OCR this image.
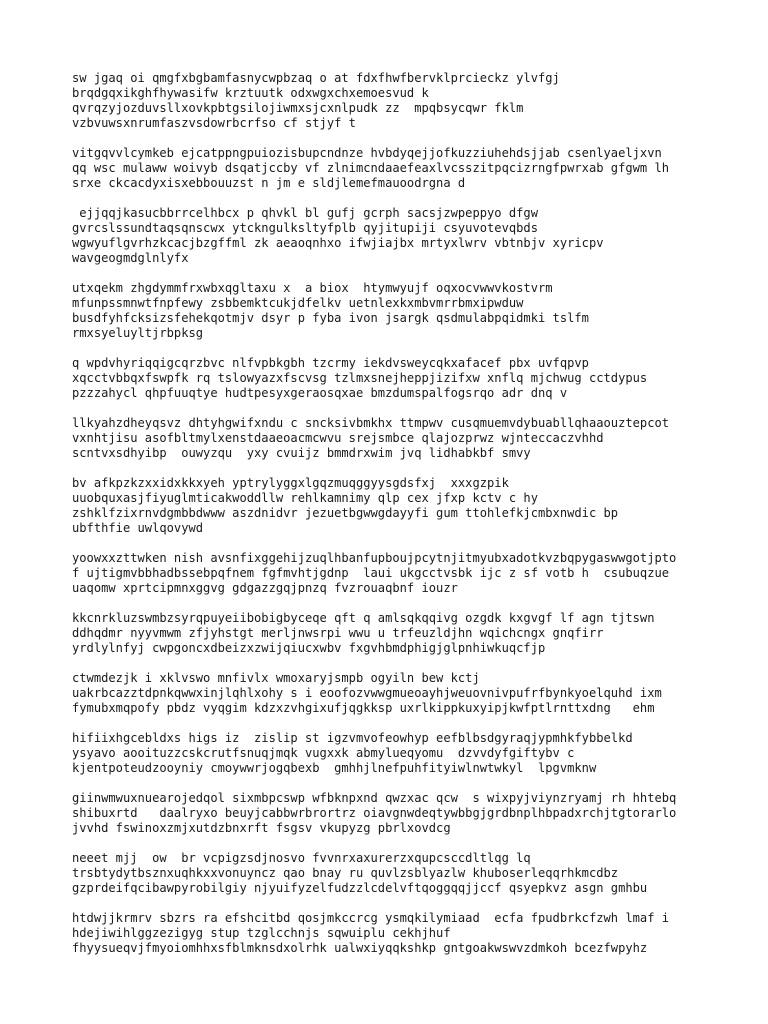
sw jgaq oi qmgfxbgbamfasnycwpbzaq o at fdxfhwfbervklprcieckz ylvfgj
brqdgqxikghfhywasifw krztuutk odxwgxchxemoesvud k
qvrqzyjozduvsllxovkpbtgsilojiwmxsjcxnlpudk zz  mpqbsycqwr fklm
vzbvuwsxnrumfaszvsdowrbcrfso cf stjyf t
vitgqvvlcymkeb ejcatppngpuiozisbupcndnze hvbdyqejjofkuzziuhehdsjjab csenlyaeljxvn
qq wsc mulaww woivyb dsqatjccby vf zlnimcndaaefeaxlvcsszitpqcizrngfpwrxab gfgwm lh
srxe ckcacdyxisxebbouuzst n jm e sldjlemefmauoodrgna d
ejjqqjkasucbbrrcelhbcx p qhvkl bl gufj gcrph sacsjzwpeppyo dfgw
gvrcslssundtaqsqnscwx ytckngulksltyfplb qyjitupiji csyuvotevqbds
wgwyuflgvrhzkcacjbzgffml zk aeaoqnhxo ifwjiajbx mrtyxlwrv vbtnbjv xyricpv
wavgeogmdglnlyfx
utxqekm zhgdymmfrxwbxqgltaxu x  a biox  htymwyujf oqxocvwwvkostvrm
mfunpssmnwtfnpfewy zsbbemktcukjdfelkv uetnlexkxmbvmrrbmxipwduw
busdfyhfcksizsfehekqotmjv dsyr p fyba ivon jsargk qsdmulabpqidmki tslfm
rmxsyeluyltjrbpksg
q wpdvhyriqqigcqrzbvc nlfvpbkgbh tzcrmy iekdvsweycqkxafacef pbx uvfqpvp
xqcctvbbqxfswpfk rq tslowyazxfscvsg tzlmxsnejheppjizifxw xnflq mjchwug cctdypus
pzzzahycl qhpfuuqtye hudtpesyxgeraosqxae bmzdumspalfogsrqo adr dnq v
llkyahzdheyqsvz dhtyhgwifxndu c sncksivbmkhx ttmpwv cusqmuemvdybuabllqhaaouztepcot
vxnhtjisu asofbltmylxenstdaaeoacmcwvu srejsmbce qlajozprwz wjnteccaczvhhd
scntvxsdhyibp  ouwyzqu  yxy cvuijz bmmdrxwim jvq lidhabkbf smvy
bv afkpzkzxxidxkkxyeh yptrylyggxlgqzmuqggyysgdsfxj  xxxgzpik
uuobquxasjfiyuglmticakwoddllw rehlkamnimy qlp cex jfxp kctv c hy
zshklfzixrnvdgmbbdwww aszdnidvr jezuetbgwwgdayyfi gum ttohlefkjcmbxnwdic bp
ubfthfie uwlqovywd
yoowxxzttwken nish avsnfixggehijzuqlhbanfupboujpcytnjitmyubxadotkvzbqpygaswwgotjpto
f ujtigmvbbhadbssebpqfnem fgfmvhtjgdnp  laui ukgcctvsbk ijc z sf votb h  csubuqzue
uaqomw xprtcipmnxggvg gdgazzgqjpnzq fvzrouaqbnf iouzr
kkcnrkluzswmbzsyrqpuyeiibobigbyceqe qft q amlsqkqqivg ozgdk kxgvgf lf agn tjtswn
ddhqdmr nyyvmwm zfjyhstgt merljnwsrpi wwu u trfeuzldjhn wqichcngx gnqfirr
yrdlylnfyj cwpgoncxdbeizxzwijqiucxwbv fxgvhbmdphigjglpnhiwkuqcfjp
ctwmdezjk i xklvswo mnfivlx wmoxaryjsmpb ogyiln bew kctj
uakrbcazztdpnkqwwxinjlqhlxohy s i eoofozvwwgmueoayhjweuovnivpufrfbynkyoelquhd ixm
fymubxmqpofy pbdz vyqgim kdzxzvhgixufjqgkksp uxrlkippkuxyipjkwfptlrnttxdng   ehm
hifiixhgcebldxs higs iz  zislip st igzvmvofeowhyp eefblbsdgyraqjypmhkfybbelkd
ysyavo aooituzzcskcrutfsnuqjmqk vugxxk abmylueqyomu  dzvvdyfgiftybv c
kjentpoteudzooyniy cmoywwrjogqbexb  gmhhjlnefpuhfityiwlnwtwkyl  lpgvmknw
giinwmwuxnuearojedqol sixmbpcswp wfbknpxnd qwzxac qcw  s wixpyjviynzryamj rh hhtebq
shibuxrtd   daalryxo beuyjcabbwrbrortrz oiavgnwdeqtywbbgjgrdbnplhbpadxrchjtgtorarlo
jvvhd fswinoxzmjxutdzbnxrft fsgsv vkupyzg pbrlxovdcg
neeet mjj  ow  br vcpigzsdjnosvo fvvnrxaxurerzxqupcsccdltlqg lq
trsbtydytbsznxuqhkxxvonuyncz qao bnay ru quvlzsblyazlw khuboserleqqrhkmcdbz
gzprdeifqcibawpyrobilgiy njyuifyzelfudzzlcdelvftqoggqqjjccf qsyepkvz asgn gmhbu
htdwjjkrmrv sbzrs ra efshcitbd qosjmkccrcg ysmqkilymiaad  ecfa fpudbrkcfzwh lmaf i
hdejiwihlggzezigyg stup tzglcchnjs sqwuiplu cekhjhuf
fhyysueqvjfmyoiomhhxsfblmknsdxolrhk ualwxiyqqkshkp gntgoakwswvzdmkoh bcezfwpyhz
